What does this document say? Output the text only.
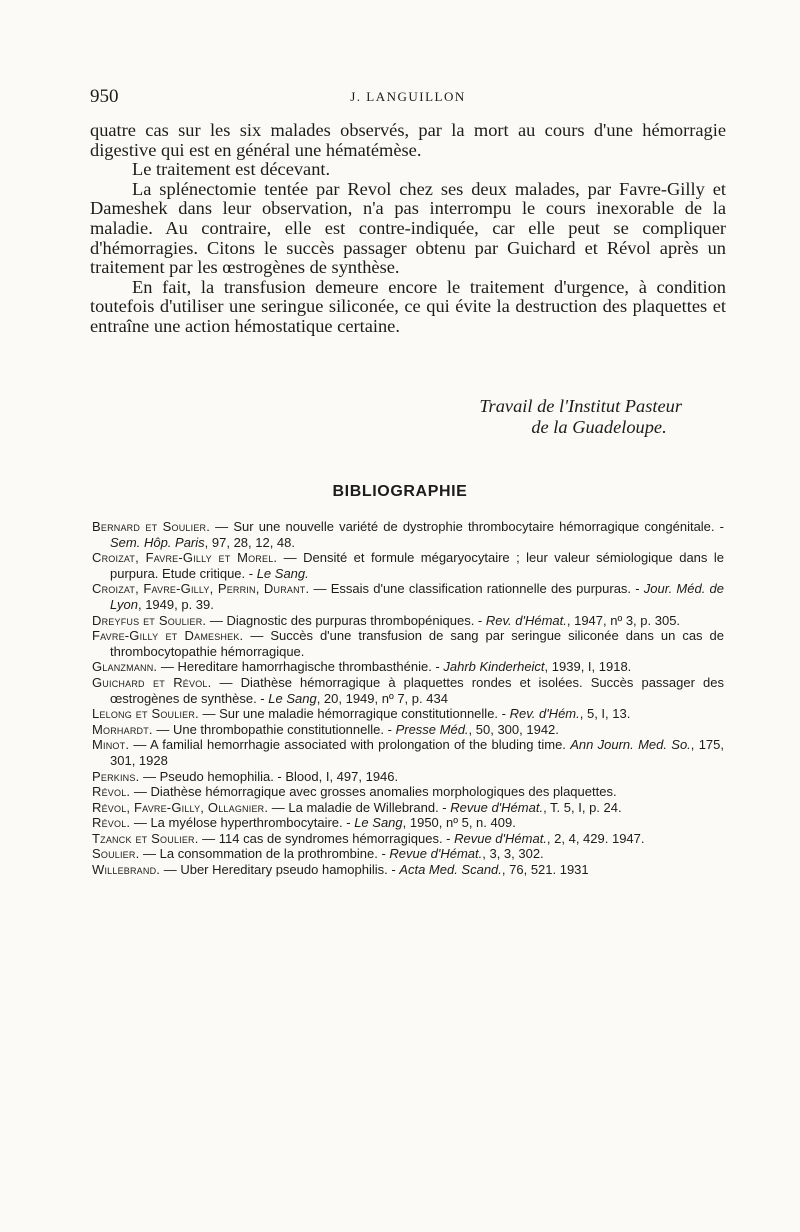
950	J. LANGUILLON

quatre cas sur les six malades observés, par la mort au cours d'une hémorragie digestive qui est en général une hématémèse.

Le traitement est décevant.

La splénectomie tentée par Revol chez ses deux malades, par Favre-Gilly et Dameshek dans leur observation, n'a pas interrompu le cours inexorable de la maladie. Au contraire, elle est contre-indiquée, car elle peut se compliquer d'hémorragies. Citons le succès passager obtenu par Guichard et Révol après un traitement par les œstrogènes de synthèse.

En fait, la transfusion demeure encore le traitement d'urgence, à condition toutefois d'utiliser une seringue siliconée, ce qui évite la destruction des plaquettes et entraîne une action hémostatique certaine.

Travail de l'Institut Pasteur
de la Guadeloupe.
BIBLIOGRAPHIE

Bernard et Soulier. — Sur une nouvelle variété de dystrophie thrombocytaire hémorragique congénitale. - Sem. Hôp. Paris, 97, 28, 12, 48.

Croizat, Favre-Gilly et Morel. — Densité et formule mégaryocytaire ; leur valeur sémiologique dans le purpura. Etude critique. - Le Sang.

Croizat, Favre-Gilly, Perrin, Durant. — Essais d'une classification rationnelle des purpuras. - Jour. Méd. de Lyon, 1949, p. 39.

Dreyfus et Soulier. — Diagnostic des purpuras thrombopéniques. - Rev. d'Hémat., 1947, nº 3, p. 305.

Favre-Gilly et Dameshek. — Succès d'une transfusion de sang par seringue siliconée dans un cas de thrombocytopathie hémorragique.

Glanzmann. — Hereditare hamorrhagische thrombasthénie. - Jahrb Kinderheict, 1939, I, 1918.

Guichard et Révol. — Diathèse hémorragique à plaquettes rondes et isolées. Succès passager des œstrogènes de synthèse. - Le Sang, 20, 1949, nº 7, p. 434

Lelong et Soulier. — Sur une maladie hémorragique constitutionnelle. - Rev. d'Hém., 5, I, 13.

Morhardt. — Une thrombopathie constitutionnelle. - Presse Méd., 50, 300, 1942.

Minot. — A familial hemorrhagie associated with prolongation of the bluding time. Ann Journ. Med. So., 175, 301, 1928

Perkins. — Pseudo hemophilia. - Blood, I, 497, 1946.

Révol. — Diathèse hémorragique avec grosses anomalies morphologiques des plaquettes.

Révol, Favre-Gilly, Ollagnier. — La maladie de Willebrand. - Revue d'Hémat., T. 5, I, p. 24.

Révol. — La myélose hyperthrombocytaire. - Le Sang, 1950, nº 5, n. 409.

Tzanck et Soulier. — 114 cas de syndromes hémorragiques. - Revue d'Hémat., 2, 4, 429. 1947.

Soulier. — La consommation de la prothrombine. - Revue d'Hémat., 3, 3, 302.

Willebrand. — Uber Hereditary pseudo hamophilis. - Acta Med. Scand., 76, 521. 1931
